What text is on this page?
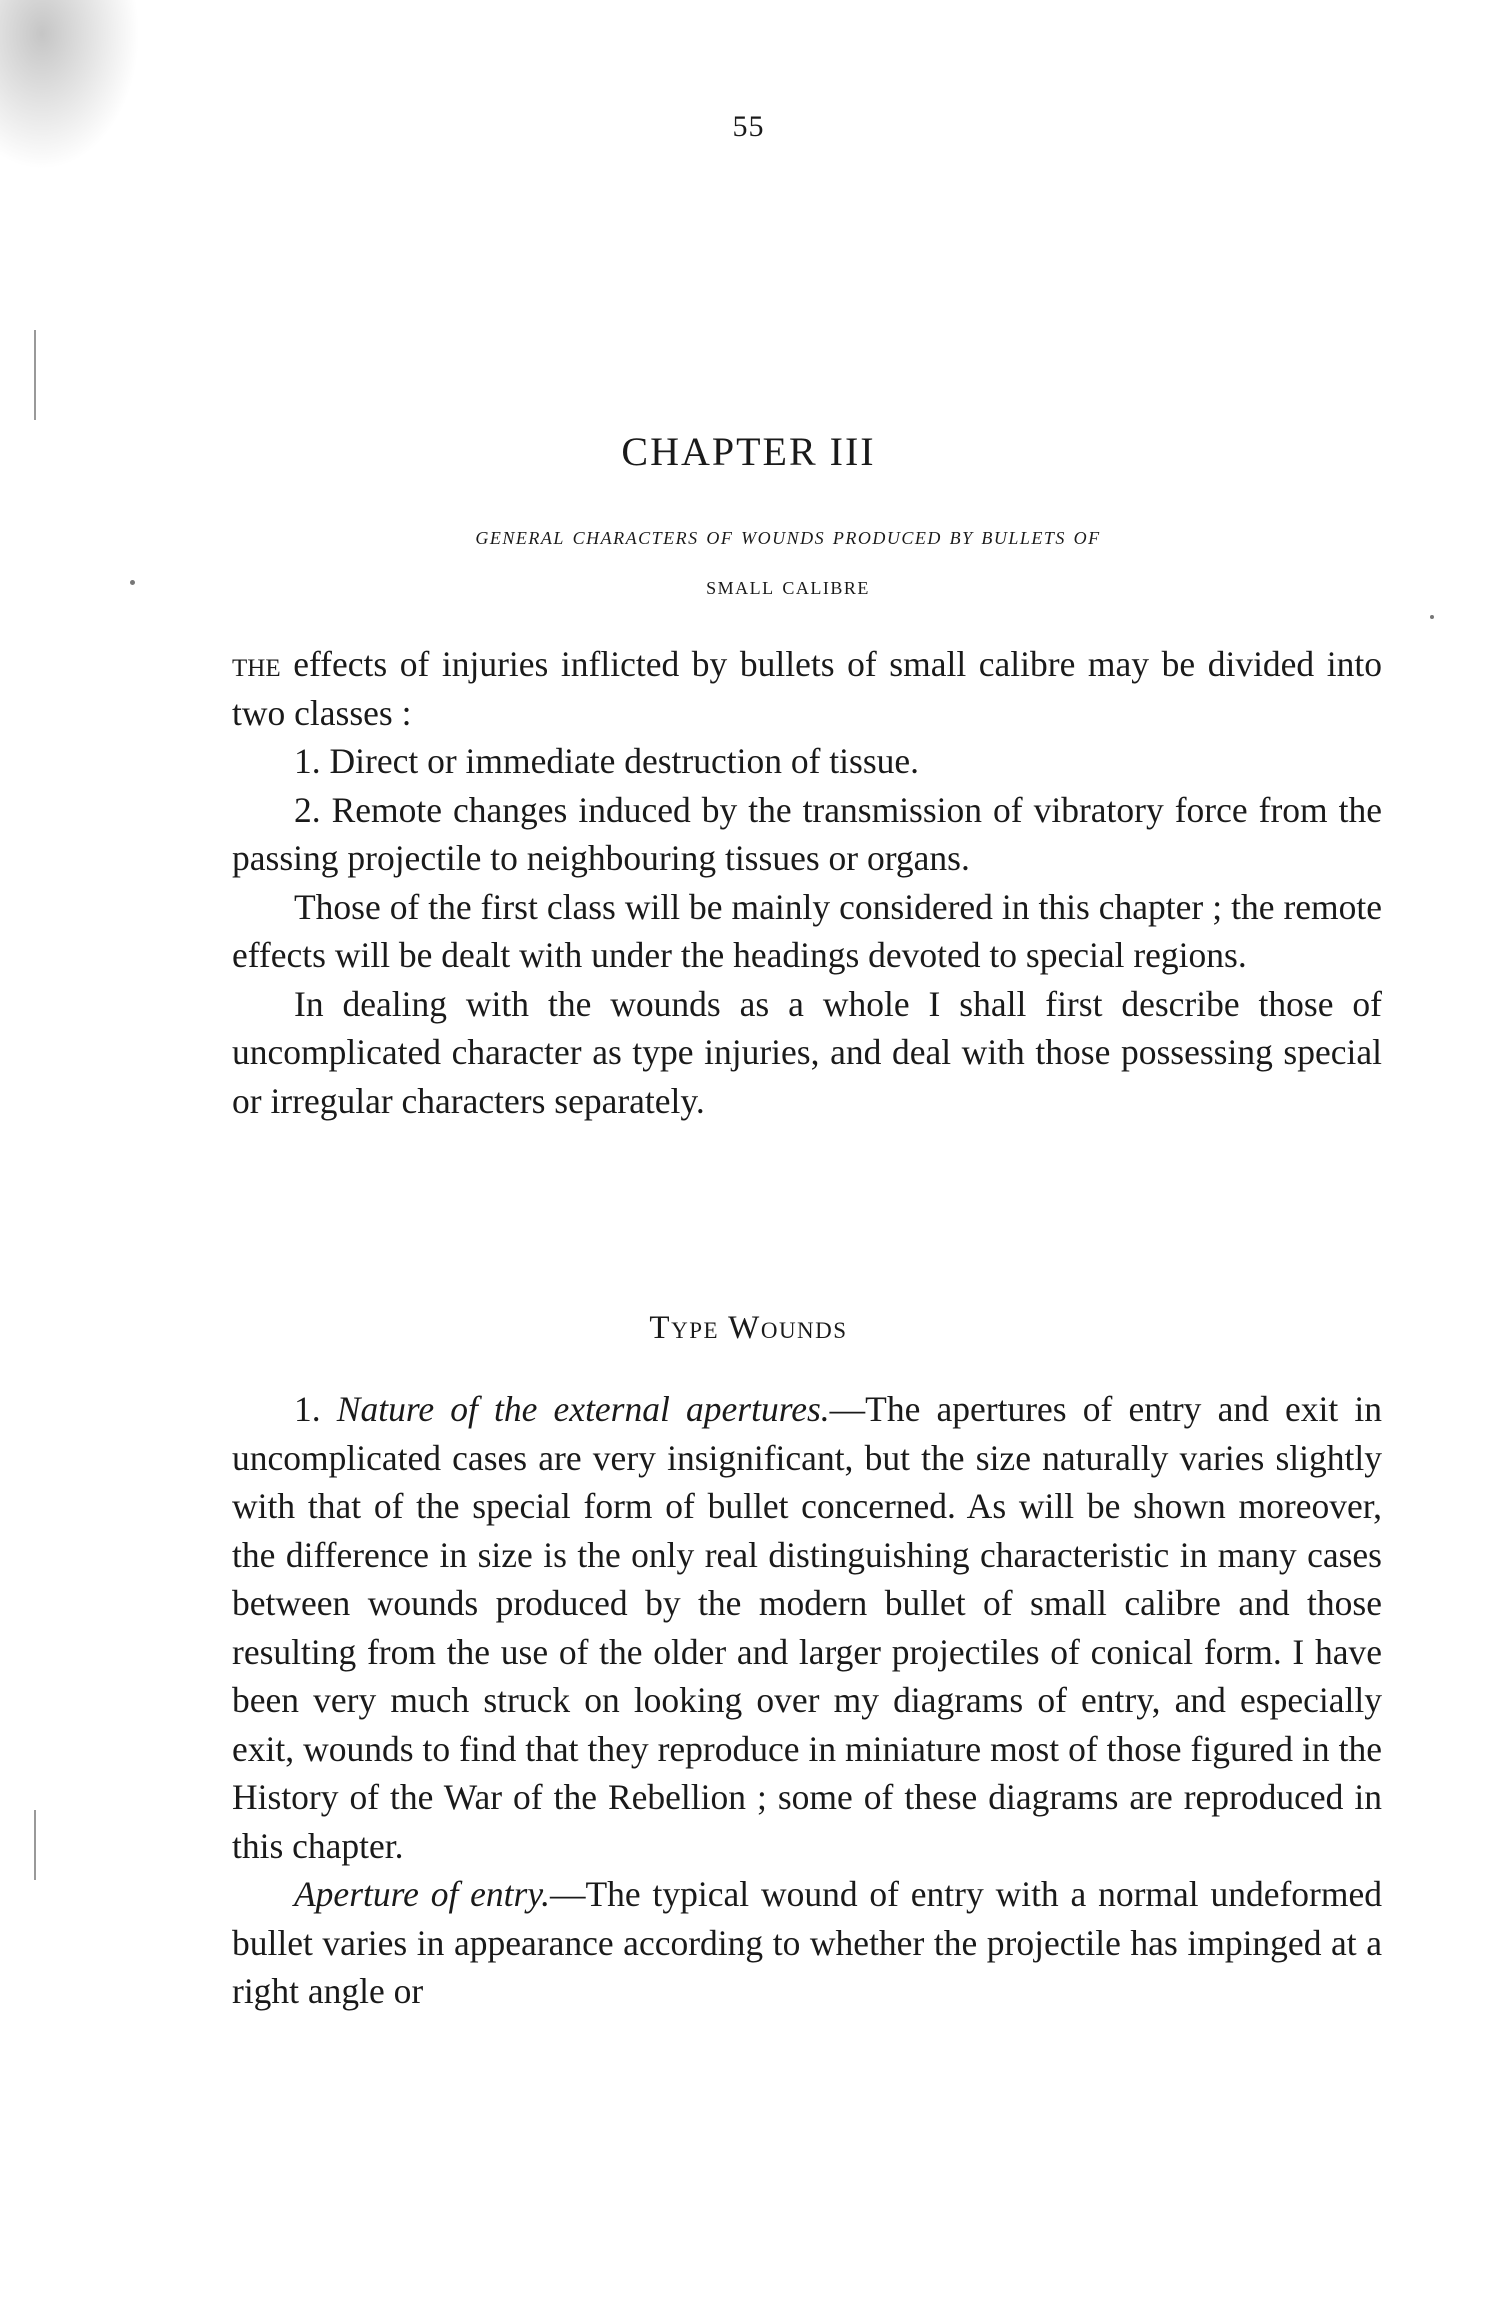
55
CHAPTER III
general characters of wounds produced by bullets of
small calibre

the effects of injuries inflicted by bullets of small calibre may be divided into two classes :

1. Direct or immediate destruction of tissue.

2. Remote changes induced by the transmission of vibratory force from the passing projectile to neighbouring tissues or organs.

Those of the first class will be mainly considered in this chapter ; the remote effects will be dealt with under the headings devoted to special regions.

In dealing with the wounds as a whole I shall first describe those of uncomplicated character as type injuries, and deal with those possessing special or irregular characters separately.

Type Wounds

1. Nature of the external apertures.—The apertures of entry and exit in uncomplicated cases are very insignificant, but the size naturally varies slightly with that of the special form of bullet concerned. As will be shown moreover, the difference in size is the only real distinguishing characteristic in many cases between wounds produced by the modern bullet of small calibre and those resulting from the use of the older and larger projectiles of conical form. I have been very much struck on looking over my diagrams of entry, and especially exit, wounds to find that they reproduce in miniature most of those figured in the History of the War of the Rebellion ; some of these diagrams are reproduced in this chapter.

Aperture of entry.—The typical wound of entry with a normal undeformed bullet varies in appearance according to whether the projectile has impinged at a right angle or
